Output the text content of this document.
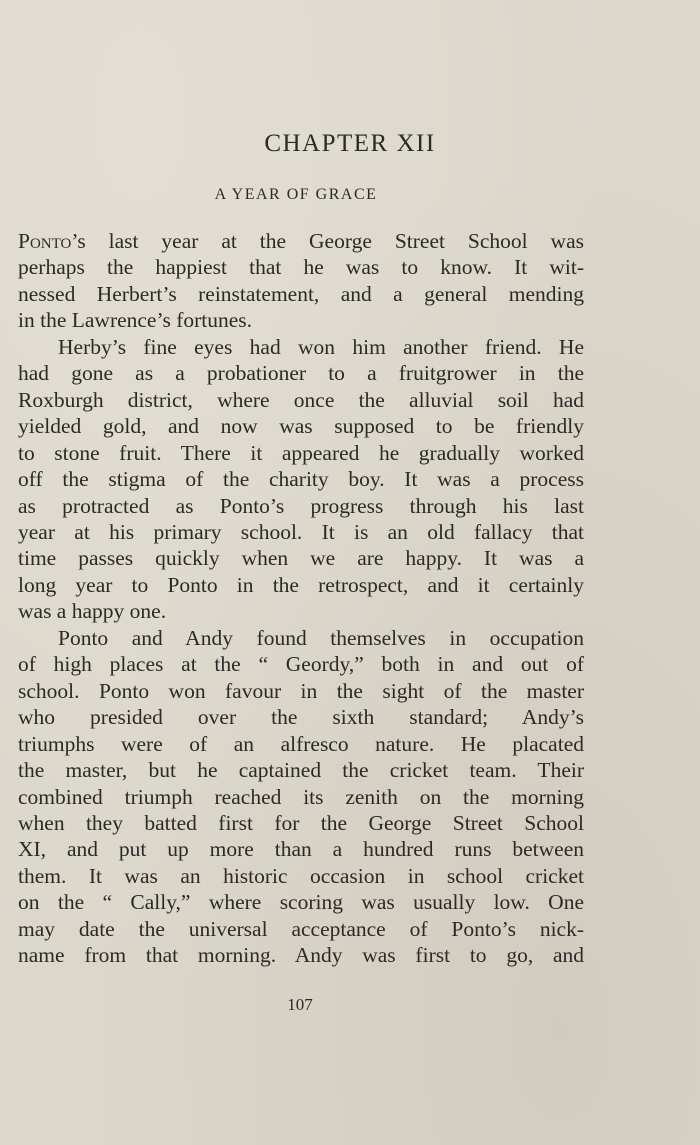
CHAPTER XII
A YEAR OF GRACE
Ponto’s last year at the George Street School was
perhaps the happiest that he was to know. It wit-
nessed Herbert’s reinstatement, and a general mending
in the Lawrence’s fortunes.
Herby’s fine eyes had won him another friend. He
had gone as a probationer to a fruitgrower in the
Roxburgh district, where once the alluvial soil had
yielded gold, and now was supposed to be friendly
to stone fruit. There it appeared he gradually worked
off the stigma of the charity boy. It was a process
as protracted as Ponto’s progress through his last
year at his primary school. It is an old fallacy that
time passes quickly when we are happy. It was a
long year to Ponto in the retrospect, and it certainly
was a happy one.
Ponto and Andy found themselves in occupation
of high places at the “ Geordy,” both in and out of
school. Ponto won favour in the sight of the master
who presided over the sixth standard; Andy’s
triumphs were of an alfresco nature. He placated
the master, but he captained the cricket team. Their
combined triumph reached its zenith on the morning
when they batted first for the George Street School
XI, and put up more than a hundred runs between
them. It was an historic occasion in school cricket
on the “ Cally,” where scoring was usually low. One
may date the universal acceptance of Ponto’s nick-
name from that morning. Andy was first to go, and
107
